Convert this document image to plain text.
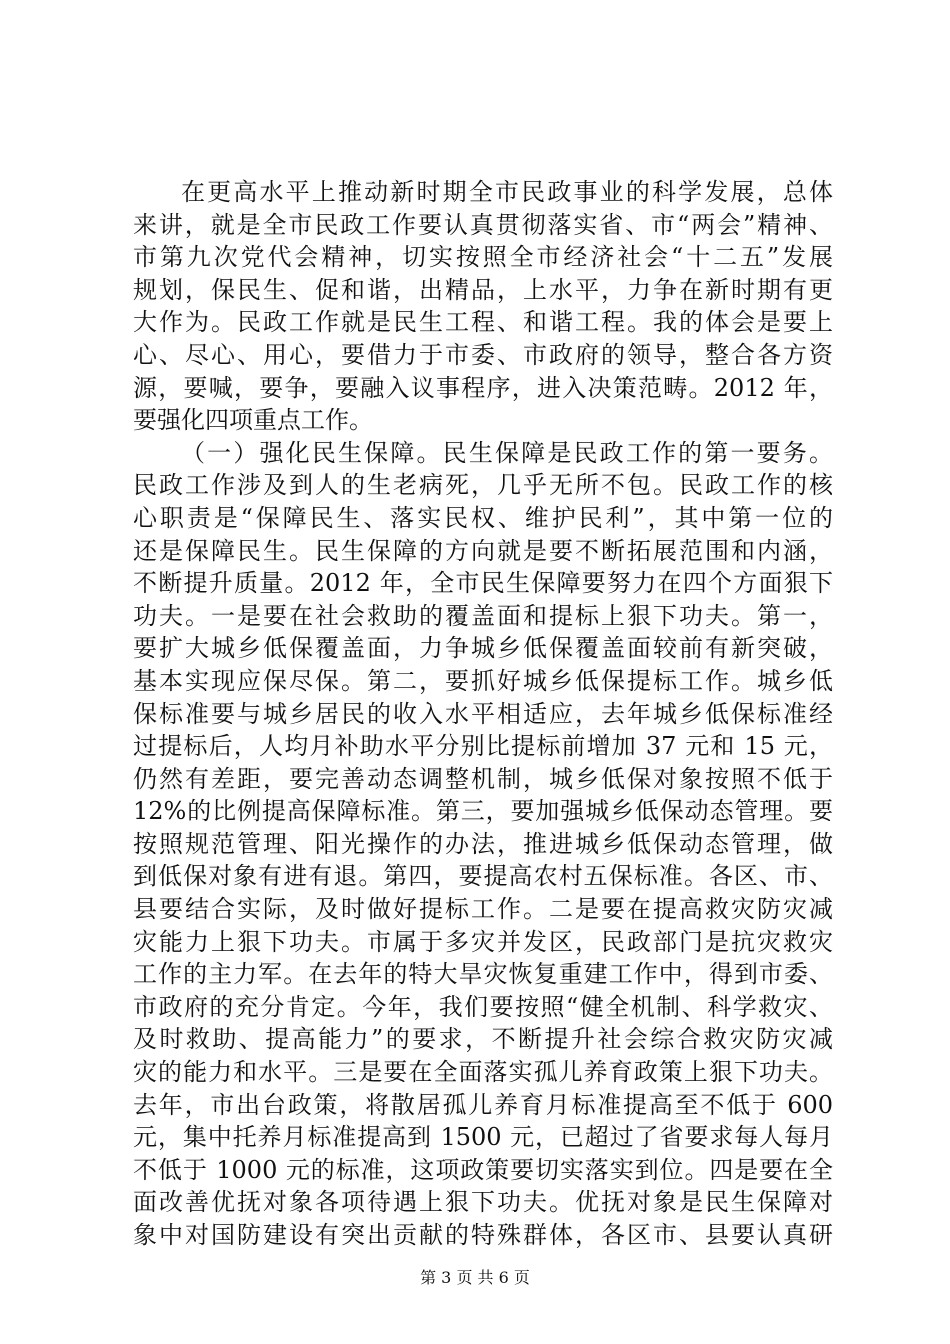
在更高水平上推动新时期全市民政事业的科学发展，总体
来讲，就是全市民政工作要认真贯彻落实省、市“两会”精神、
市第九次党代会精神，切实按照全市经济社会“十二五”发展
规划，保民生、促和谐，出精品，上水平，力争在新时期有更
大作为。民政工作就是民生工程、和谐工程。我的体会是要上
心、尽心、用心，要借力于市委、市政府的领导，整合各方资
源，要喊，要争，要融入议事程序，进入决策范畴。2012 年，
要强化四项重点工作。
（一）强化民生保障。民生保障是民政工作的第一要务。
民政工作涉及到人的生老病死，几乎无所不包。民政工作的核
心职责是“保障民生、落实民权、维护民利”，其中第一位的
还是保障民生。民生保障的方向就是要不断拓展范围和内涵，
不断提升质量。2012 年，全市民生保障要努力在四个方面狠下
功夫。一是要在社会救助的覆盖面和提标上狠下功夫。第一，
要扩大城乡低保覆盖面，力争城乡低保覆盖面较前有新突破，
基本实现应保尽保。第二，要抓好城乡低保提标工作。城乡低
保标准要与城乡居民的收入水平相适应，去年城乡低保标准经
过提标后，人均月补助水平分别比提标前增加 37 元和 15 元，
仍然有差距，要完善动态调整机制，城乡低保对象按照不低于
12%的比例提高保障标准。第三，要加强城乡低保动态管理。要
按照规范管理、阳光操作的办法，推进城乡低保动态管理，做
到低保对象有进有退。第四，要提高农村五保标准。各区、市、
县要结合实际，及时做好提标工作。二是要在提高救灾防灾减
灾能力上狠下功夫。市属于多灾并发区，民政部门是抗灾救灾
工作的主力军。在去年的特大旱灾恢复重建工作中，得到市委、
市政府的充分肯定。今年，我们要按照“健全机制、科学救灾、
及时救助、提高能力”的要求，不断提升社会综合救灾防灾减
灾的能力和水平。三是要在全面落实孤儿养育政策上狠下功夫。
去年，市出台政策，将散居孤儿养育月标准提高至不低于 600
元，集中托养月标准提高到 1500 元，已超过了省要求每人每月
不低于 1000 元的标准，这项政策要切实落实到位。四是要在全
面改善优抚对象各项待遇上狠下功夫。优抚对象是民生保障对
象中对国防建设有突出贡献的特殊群体，各区市、县要认真研
第 3 页 共 6 页
